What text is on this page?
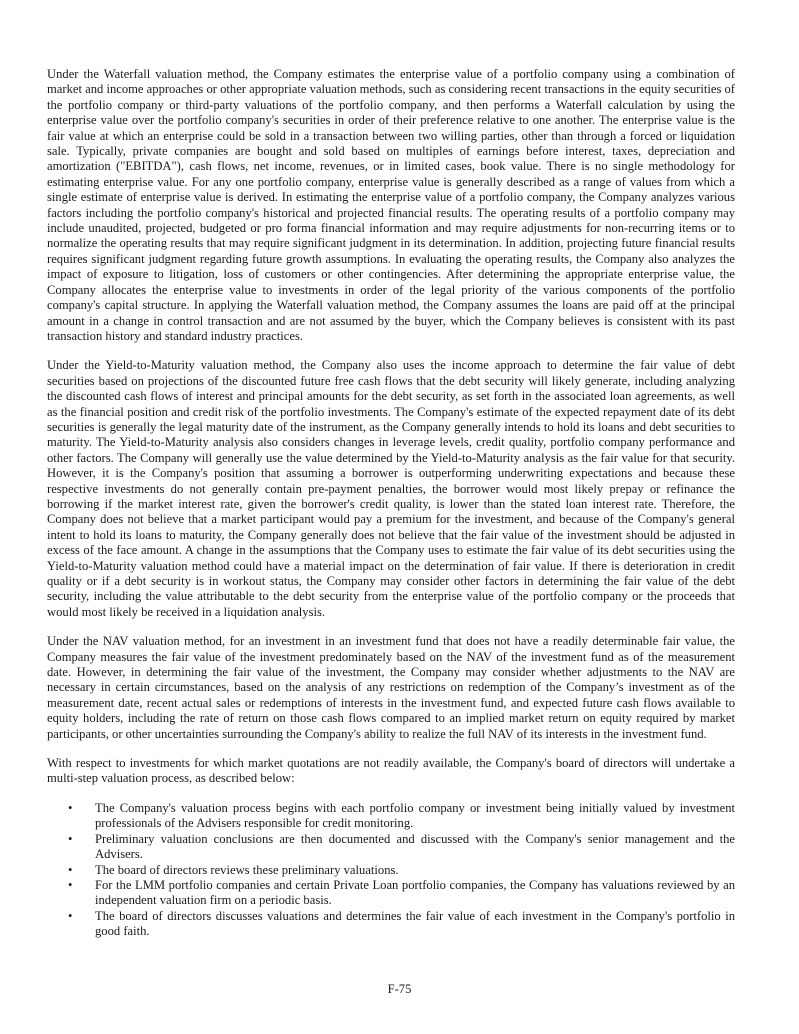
Under the Waterfall valuation method, the Company estimates the enterprise value of a portfolio company using a combination of market and income approaches or other appropriate valuation methods, such as considering recent transactions in the equity securities of the portfolio company or third-party valuations of the portfolio company, and then performs a Waterfall calculation by using the enterprise value over the portfolio company's securities in order of their preference relative to one another. The enterprise value is the fair value at which an enterprise could be sold in a transaction between two willing parties, other than through a forced or liquidation sale. Typically, private companies are bought and sold based on multiples of earnings before interest, taxes, depreciation and amortization ("EBITDA"), cash flows, net income, revenues, or in limited cases, book value. There is no single methodology for estimating enterprise value. For any one portfolio company, enterprise value is generally described as a range of values from which a single estimate of enterprise value is derived. In estimating the enterprise value of a portfolio company, the Company analyzes various factors including the portfolio company's historical and projected financial results. The operating results of a portfolio company may include unaudited, projected, budgeted or pro forma financial information and may require adjustments for non-recurring items or to normalize the operating results that may require significant judgment in its determination. In addition, projecting future financial results requires significant judgment regarding future growth assumptions. In evaluating the operating results, the Company also analyzes the impact of exposure to litigation, loss of customers or other contingencies. After determining the appropriate enterprise value, the Company allocates the enterprise value to investments in order of the legal priority of the various components of the portfolio company's capital structure. In applying the Waterfall valuation method, the Company assumes the loans are paid off at the principal amount in a change in control transaction and are not assumed by the buyer, which the Company believes is consistent with its past transaction history and standard industry practices.

Under the Yield-to-Maturity valuation method, the Company also uses the income approach to determine the fair value of debt securities based on projections of the discounted future free cash flows that the debt security will likely generate, including analyzing the discounted cash flows of interest and principal amounts for the debt security, as set forth in the associated loan agreements, as well as the financial position and credit risk of the portfolio investments. The Company's estimate of the expected repayment date of its debt securities is generally the legal maturity date of the instrument, as the Company generally intends to hold its loans and debt securities to maturity. The Yield-to-Maturity analysis also considers changes in leverage levels, credit quality, portfolio company performance and other factors. The Company will generally use the value determined by the Yield-to-Maturity analysis as the fair value for that security. However, it is the Company's position that assuming a borrower is outperforming underwriting expectations and because these respective investments do not generally contain pre-payment penalties, the borrower would most likely prepay or refinance the borrowing if the market interest rate, given the borrower's credit quality, is lower than the stated loan interest rate. Therefore, the Company does not believe that a market participant would pay a premium for the investment, and because of the Company's general intent to hold its loans to maturity, the Company generally does not believe that the fair value of the investment should be adjusted in excess of the face amount. A change in the assumptions that the Company uses to estimate the fair value of its debt securities using the Yield-to-Maturity valuation method could have a material impact on the determination of fair value. If there is deterioration in credit quality or if a debt security is in workout status, the Company may consider other factors in determining the fair value of the debt security, including the value attributable to the debt security from the enterprise value of the portfolio company or the proceeds that would most likely be received in a liquidation analysis.

Under the NAV valuation method, for an investment in an investment fund that does not have a readily determinable fair value, the Company measures the fair value of the investment predominately based on the NAV of the investment fund as of the measurement date. However, in determining the fair value of the investment, the Company may consider whether adjustments to the NAV are necessary in certain circumstances, based on the analysis of any restrictions on redemption of the Company’s investment as of the measurement date, recent actual sales or redemptions of interests in the investment fund, and expected future cash flows available to equity holders, including the rate of return on those cash flows compared to an implied market return on equity required by market participants, or other uncertainties surrounding the Company's ability to realize the full NAV of its interests in the investment fund.

With respect to investments for which market quotations are not readily available, the Company's board of directors will undertake a multi-step valuation process, as described below:

•	The Company's valuation process begins with each portfolio company or investment being initially valued by investment professionals of the Advisers responsible for credit monitoring.
•	Preliminary valuation conclusions are then documented and discussed with the Company's senior management and the Advisers.
•	The board of directors reviews these preliminary valuations.
•	For the LMM portfolio companies and certain Private Loan portfolio companies, the Company has valuations reviewed by an independent valuation firm on a periodic basis.
•	The board of directors discusses valuations and determines the fair value of each investment in the Company's portfolio in good faith.
F-75
